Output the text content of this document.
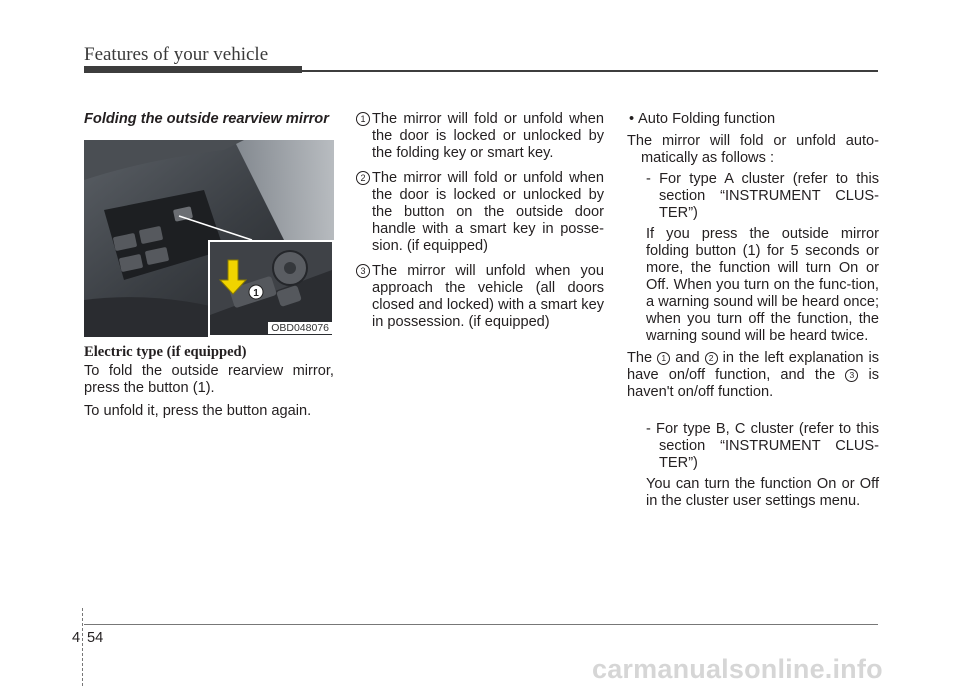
Features of your vehicle

Folding the outside rearview mirror

1
OBD048076
Electric type (if equipped)

To fold the outside rearview mirror, press the button (1).

To unfold it, press the button again.

1 The mirror will fold or unfold when the door is locked or unlocked by the folding key or smart key.

2 The mirror will fold or unfold when the door is locked or unlocked by the button on the outside door handle with a smart key in posse-sion. (if equipped)

3 The mirror will unfold when you approach the vehicle (all doors closed and locked) with a smart key in possession. (if equipped)

• Auto Folding function

The mirror will fold or unfold auto-matically as follows :

- For type A cluster (refer to this section “INSTRUMENT CLUS-TER”)

If you press the outside mirror folding button (1) for 5 seconds or more, the function will turn On or Off. When you turn on the func-tion, a warning sound will be heard once; when you turn off the function, the warning sound will be heard twice.

The 1 and 2 in the left explanation is have on/off function, and the 3 is haven't on/off function.

- For type B, C cluster (refer to this section “INSTRUMENT CLUS-TER”)

You can turn the function On or Off in the cluster user settings menu.

4 54
carmanualsonline.info
